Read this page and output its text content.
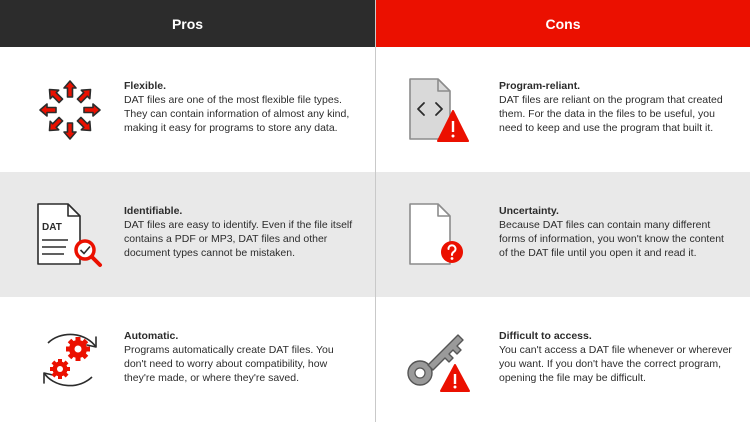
Pros
Flexible.
DAT files are one of the most flexible file types. They can contain information of almost any kind, making it easy for programs to store any data.
DAT
Identifiable.
DAT files are easy to identify. Even if the file itself contains a PDF or MP3, DAT files and other document types cannot be mistaken.
Automatic.
Programs automatically create DAT files. You don't need to worry about compatibility, how they're made, or where they're saved.
Cons
Program-reliant.
DAT files are reliant on the program that created them. For the data in the files to be useful, you need to keep and use the program that built it.
Uncertainty.
Because DAT files can contain many different forms of information, you won't know the content of the DAT file until you open it and read it.
Difficult to access.
You can't access a DAT file whenever or wherever you want. If you don't have the correct program, opening the file may be difficult.
